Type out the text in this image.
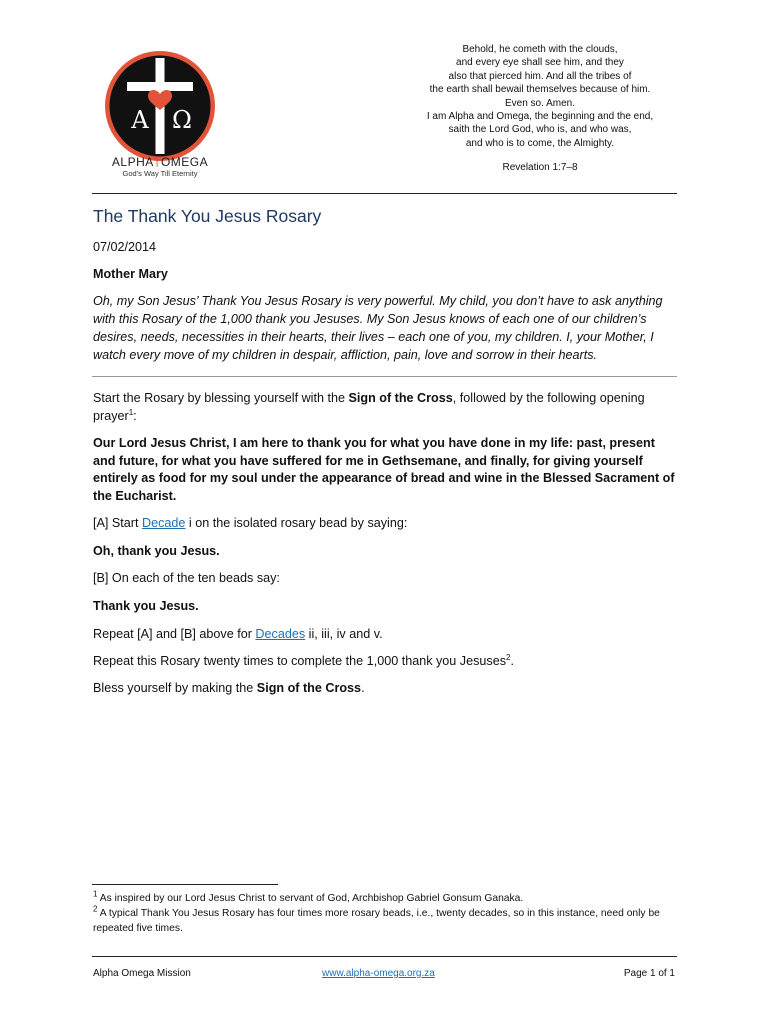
A Ω
ALPHA†OMEGA
God's Way Till Eternity
Behold, he cometh with the clouds,
and every eye shall see him, and they
also that pierced him. And all the tribes of
the earth shall bewail themselves because of him.
Even so. Amen.
I am Alpha and Omega, the beginning and the end,
saith the Lord God, who is, and who was,
and who is to come, the Almighty.
Revelation 1:7–8
The Thank You Jesus Rosary
07/02/2014
Mother Mary
Oh, my Son Jesus’ Thank You Jesus Rosary is very powerful. My child, you don’t have to ask anything with this Rosary of the 1,000 thank you Jesuses. My Son Jesus knows of each one of our children’s desires, needs, necessities in their hearts, their lives – each one of you, my children. I, your Mother, I watch every move of my children in despair, affliction, pain, love and sorrow in their hearts.
Start the Rosary by blessing yourself with the Sign of the Cross, followed by the following opening prayer$^1$:
Our Lord Jesus Christ, I am here to thank you for what you have done in my life: past, present and future, for what you have suffered for me in Gethsemane, and finally, for giving yourself entirely as food for my soul under the appearance of bread and wine in the Blessed Sacrament of the Eucharist.
[A] Start Decade i on the isolated rosary bead by saying:
Oh, thank you Jesus.
[B] On each of the ten beads say:
Thank you Jesus.
Repeat [A] and [B] above for Decades ii, iii, iv and v.
Repeat this Rosary twenty times to complete the 1,000 thank you Jesuses$^2$.
Bless yourself by making the Sign of the Cross.
$^1$ As inspired by our Lord Jesus Christ to servant of God, Archbishop Gabriel Gonsum Ganaka.
$^2$ A typical Thank You Jesus Rosary has four times more rosary beads, i.e., twenty decades, so in this instance, need only be repeated five times.
Alpha Omega Mission	www.alpha-omega.org.za	Page 1 of 1
